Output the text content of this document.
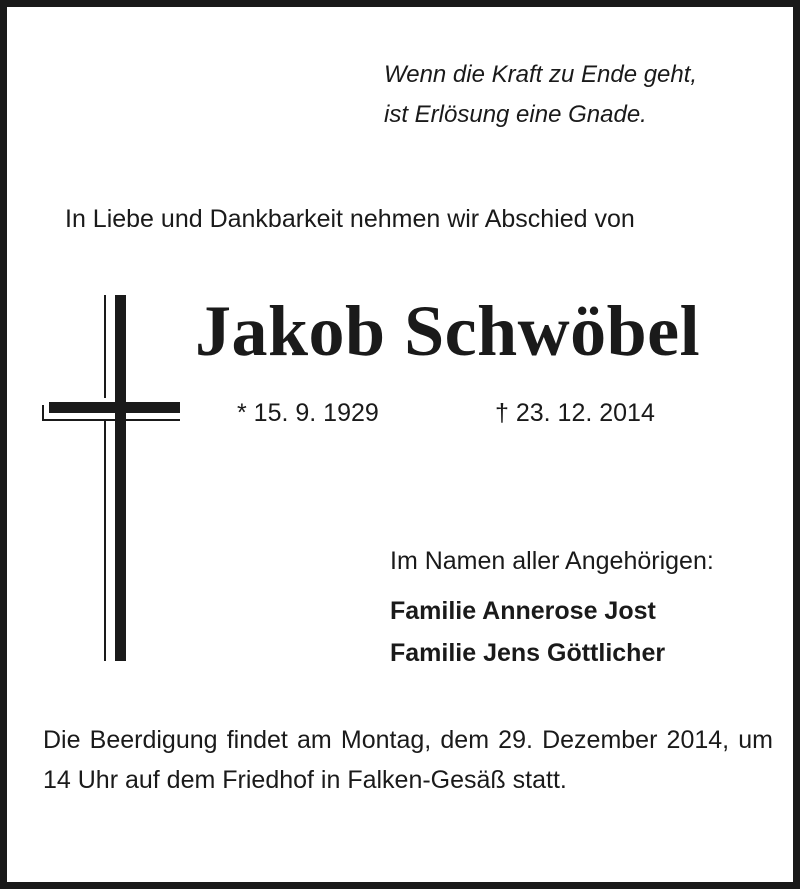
Wenn die Kraft zu Ende geht,

ist Erlösung eine Gnade.

In Liebe und Dankbarkeit nehmen wir Abschied von

Jakob Schwöbel

* 15. 9. 1929	† 23. 12. 2014

Im Namen aller Angehörigen:

Familie Annerose Jost

Familie Jens Göttlicher

Die Beerdigung findet am Montag, dem 29. Dezember 2014, um 14 Uhr auf dem Friedhof in Falken-Gesäß statt.
